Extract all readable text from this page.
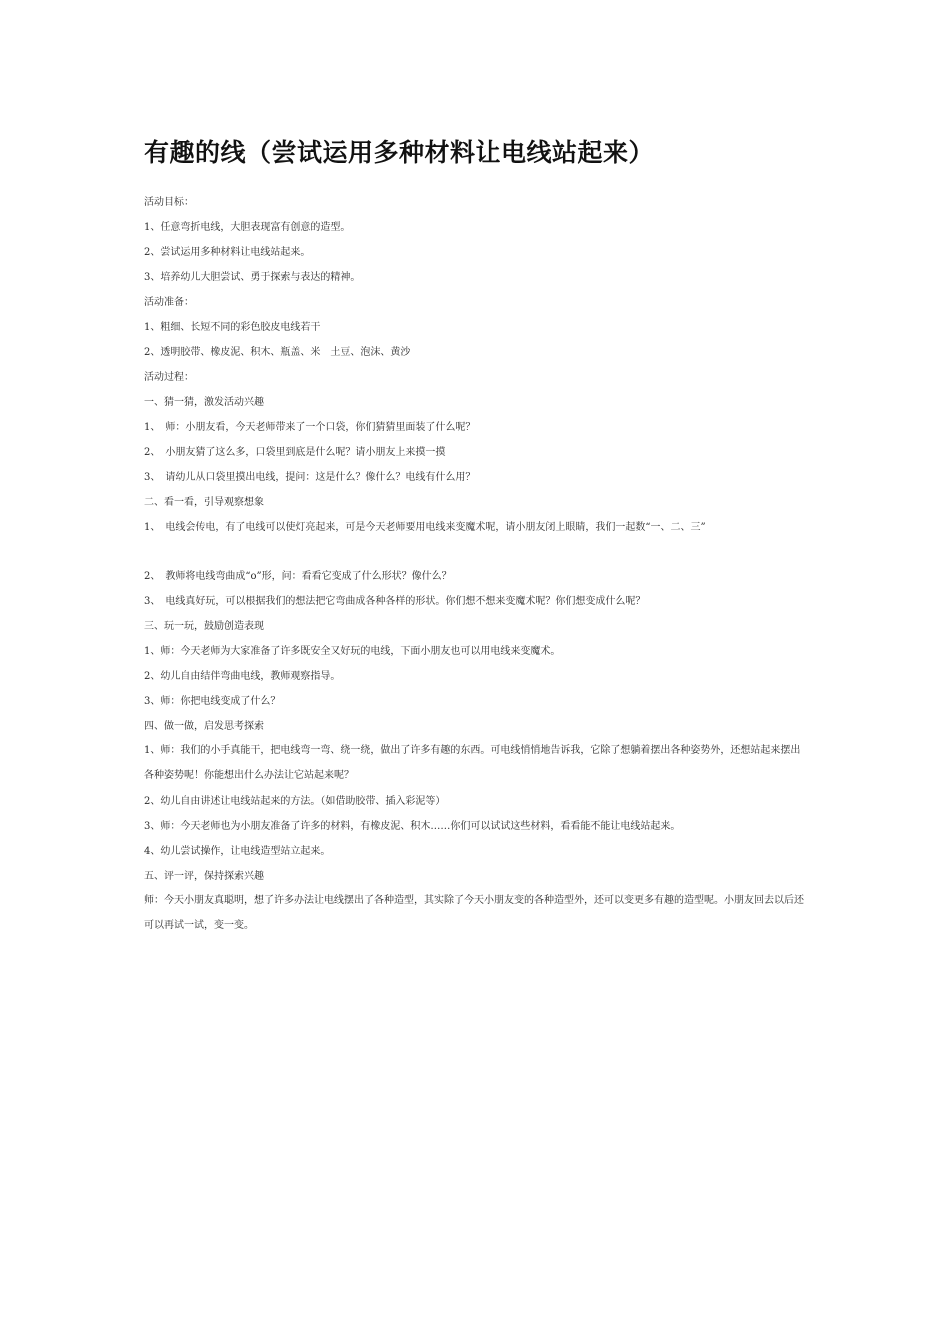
有趣的线（尝试运用多种材料让电线站起来）
活动目标：
1、任意弯折电线，大胆表现富有创意的造型。
2、尝试运用多种材料让电线站起来。
3、培养幼儿大胆尝试、勇于探索与表达的精神。
活动准备：
1、粗细、长短不同的彩色胶皮电线若干
2、透明胶带、橡皮泥、积木、瓶盖、米　土豆、泡沫、黄沙
活动过程：
一、猜一猜，激发活动兴趣
1、　师：小朋友看，今天老师带来了一个口袋，你们猜猜里面装了什么呢？
2、　小朋友猜了这么多，口袋里到底是什么呢？请小朋友上来摸一摸
3、　请幼儿从口袋里摸出电线，提问：这是什么？像什么？电线有什么用？
二、看一看，引导观察想象
1、　电线会传电，有了电线可以使灯亮起来，可是今天老师要用电线来变魔术呢，请小朋友闭上眼睛，我们一起数“一、二、三”
2、　教师将电线弯曲成“o”形，问：看看它变成了什么形状？像什么？
3、　电线真好玩，可以根据我们的想法把它弯曲成各种各样的形状。你们想不想来变魔术呢？你们想变成什么呢？
三、玩一玩，鼓励创造表现
1、师：今天老师为大家准备了许多既安全又好玩的电线，下面小朋友也可以用电线来变魔术。
2、幼儿自由结伴弯曲电线，教师观察指导。
3、师：你把电线变成了什么？
四、做一做，启发思考探索
1、师：我们的小手真能干，把电线弯一弯、绕一绕，做出了许多有趣的东西。可电线悄悄地告诉我，它除了想躺着摆出各种姿势外，还想站起来摆出各种姿势呢！你能想出什么办法让它站起来呢？
2、幼儿自由讲述让电线站起来的方法。（如借助胶带、插入彩泥等）
3、师：今天老师也为小朋友准备了许多的材料，有橡皮泥、积木……你们可以试试这些材料，看看能不能让电线站起来。
4、幼儿尝试操作，让电线造型站立起来。
五、评一评，保持探索兴趣
师：今天小朋友真聪明，想了许多办法让电线摆出了各种造型，其实除了今天小朋友变的各种造型外，还可以变更多有趣的造型呢。小朋友回去以后还可以再试一试，变一变。
